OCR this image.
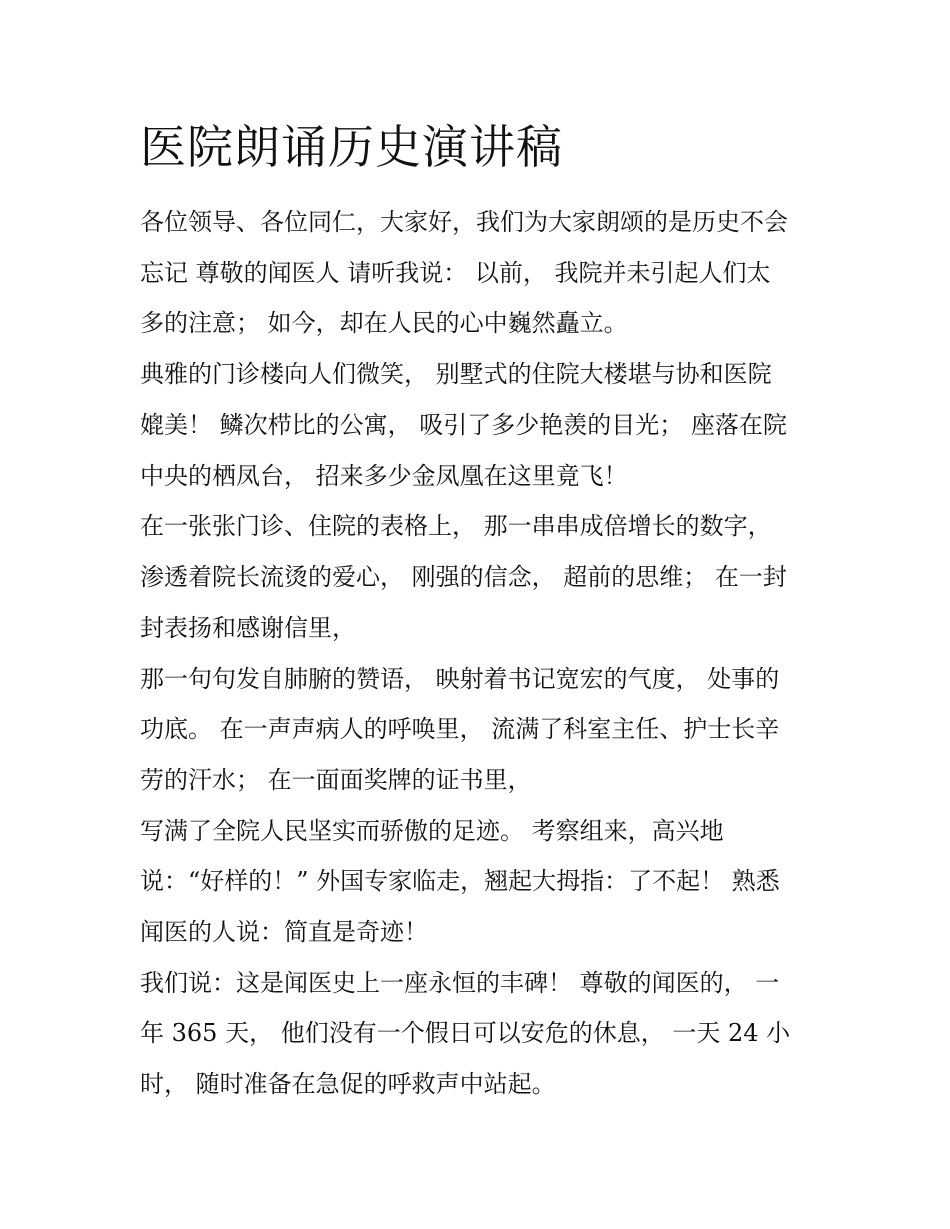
医院朗诵历史演讲稿

各位领导、各位同仁，大家好，我们为大家朗颂的是历史不会

忘记 尊敬的闻医人 请听我说： 以前， 我院并未引起人们太

多的注意； 如今，却在人民的心中巍然矗立。

典雅的门诊楼向人们微笑， 别墅式的住院大楼堪与协和医院

媲美！ 鳞次栉比的公寓， 吸引了多少艳羡的目光； 座落在院

中央的栖凤台， 招来多少金凤凰在这里竟飞！

在一张张门诊、住院的表格上， 那一串串成倍增长的数字，

渗透着院长流烫的爱心， 刚强的信念， 超前的思维； 在一封

封表扬和感谢信里，

那一句句发自肺腑的赞语， 映射着书记宽宏的气度， 处事的

功底。 在一声声病人的呼唤里， 流满了科室主任、护士长辛

劳的汗水； 在一面面奖牌的证书里，

写满了全院人民坚实而骄傲的足迹。 考察组来，高兴地

说：“好样的！” 外国专家临走，翘起大拇指：了不起！ 熟悉

闻医的人说：简直是奇迹！

我们说：这是闻医史上一座永恒的丰碑！ 尊敬的闻医的， 一

年 365 天， 他们没有一个假日可以安危的休息， 一天 24 小

时， 随时准备在急促的呼救声中站起。
